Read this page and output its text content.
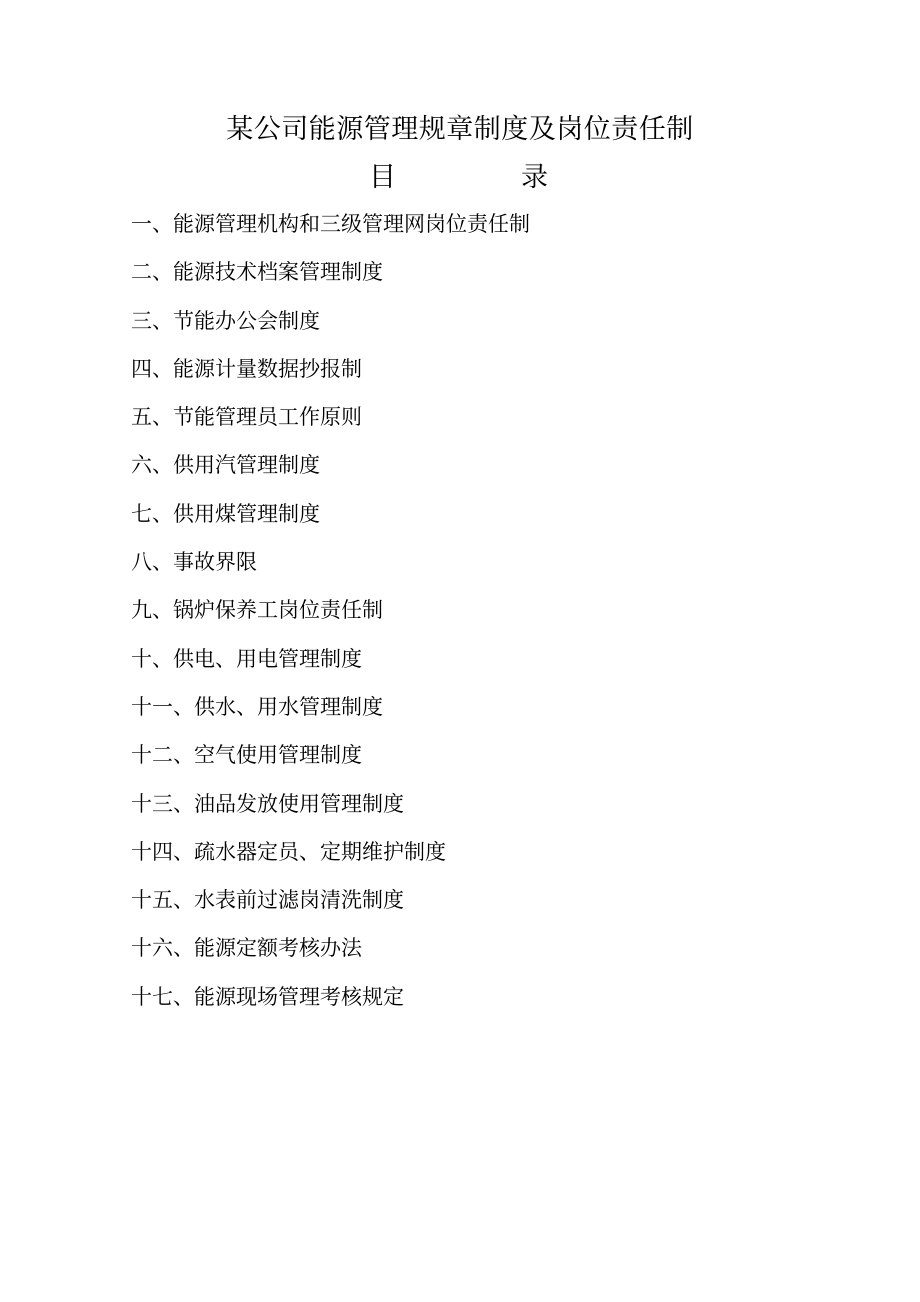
某公司能源管理规章制度及岗位责任制
目	录
一、能源管理机构和三级管理网岗位责任制
二、能源技术档案管理制度
三、节能办公会制度
四、能源计量数据抄报制
五、节能管理员工作原则
六、供用汽管理制度
七、供用煤管理制度
八、事故界限
九、锅炉保养工岗位责任制
十、供电、用电管理制度
十一、供水、用水管理制度
十二、空气使用管理制度
十三、油品发放使用管理制度
十四、疏水器定员、定期维护制度
十五、水表前过滤岗清洗制度
十六、能源定额考核办法
十七、能源现场管理考核规定
